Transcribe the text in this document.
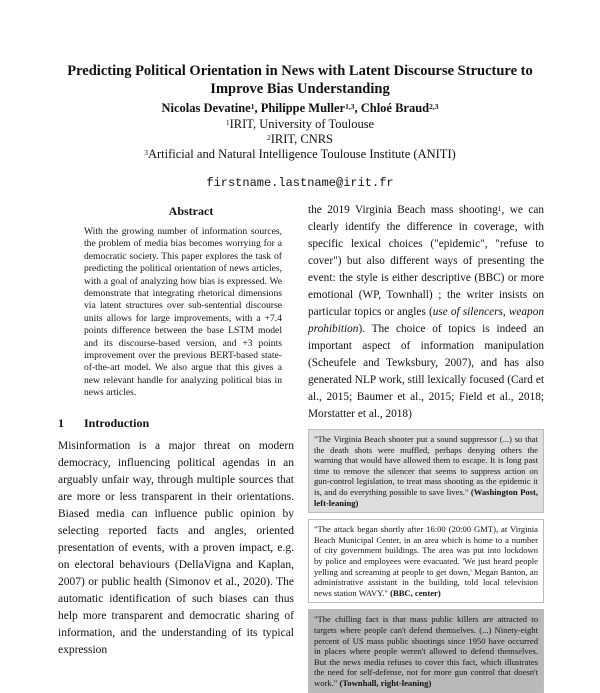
Predicting Political Orientation in News with Latent Discourse Structure to Improve Bias Understanding
Nicolas Devatine$^1$, Philippe Muller$^{1,3}$, Chloé Braud$^{2,3}$
$^1$IRIT, University of Toulouse
$^2$IRIT, CNRS
$^3$Artificial and Natural Intelligence Toulouse Institute (ANITI)
firstname.lastname@irit.fr
Abstract
With the growing number of information sources, the problem of media bias becomes worrying for a democratic society. This paper explores the task of predicting the political orientation of news articles, with a goal of analyzing how bias is expressed. We demonstrate that integrating rhetorical dimensions via latent structures over sub-sentential discourse units allows for large improvements, with a +7.4 points difference between the base LSTM model and its discourse-based version, and +3 points improvement over the previous BERT-based state-of-the-art model. We also argue that this gives a new relevant handle for analyzing political bias in news articles.
1 Introduction
Misinformation is a major threat on modern democracy, influencing political agendas in an arguably unfair way, through multiple sources that are more or less transparent in their orientations. Biased media can influence public opinion by selecting reported facts and angles, oriented presentation of events, with a proven impact, e.g. on electoral behaviours (DellaVigna and Kaplan, 2007) or public health (Simonov et al., 2020). The automatic identification of such biases can thus help more transparent and democratic sharing of information, and the understanding of its typical expression
the 2019 Virginia Beach mass shooting$^1$, we can clearly identify the difference in coverage, with specific lexical choices ("epidemic", "refuse to cover") but also different ways of presenting the event: the style is either descriptive (BBC) or more emotional (WP, Townhall) ; the writer insists on particular topics or angles (use of silencers, weapon prohibition). The choice of topics is indeed an important aspect of information manipulation (Scheufele and Tewksbury, 2007), and has also generated NLP work, still lexically focused (Card et al., 2015; Baumer et al., 2015; Field et al., 2018; Morstatter et al., 2018)
"The Virginia Beach shooter put a sound suppressor (...) so that the death shots were muffled, perhaps denying others the warning that would have allowed them to escape. It is long past time to remove the silencer that seems to suppress action on gun-control legislation, to treat mass shooting as the epidemic it is, and do everything possible to save lives." (Washington Post, left-leaning)
"The attack began shortly after 16:00 (20:00 GMT), at Virginia Beach Municipal Center, in an area which is home to a number of city government buildings. The area was put into lockdown by police and employees were evacuated. 'We just heard people yelling and screaming at people to get down,' Megan Banton, an administrative assistant in the building, told local television news station WAVY." (BBC, center)
"The chilling fact is that mass public killers are attracted to targets where people can't defend themselves. (...) Ninety-eight percent of US mass public shootings since 1950 have occurred in places where people weren't allowed to defend themselves. But the news media refuses to cover this fact, which illustrates the need for self-defense, not for more gun control that doesn't work." (Townhall, right-leaning)
